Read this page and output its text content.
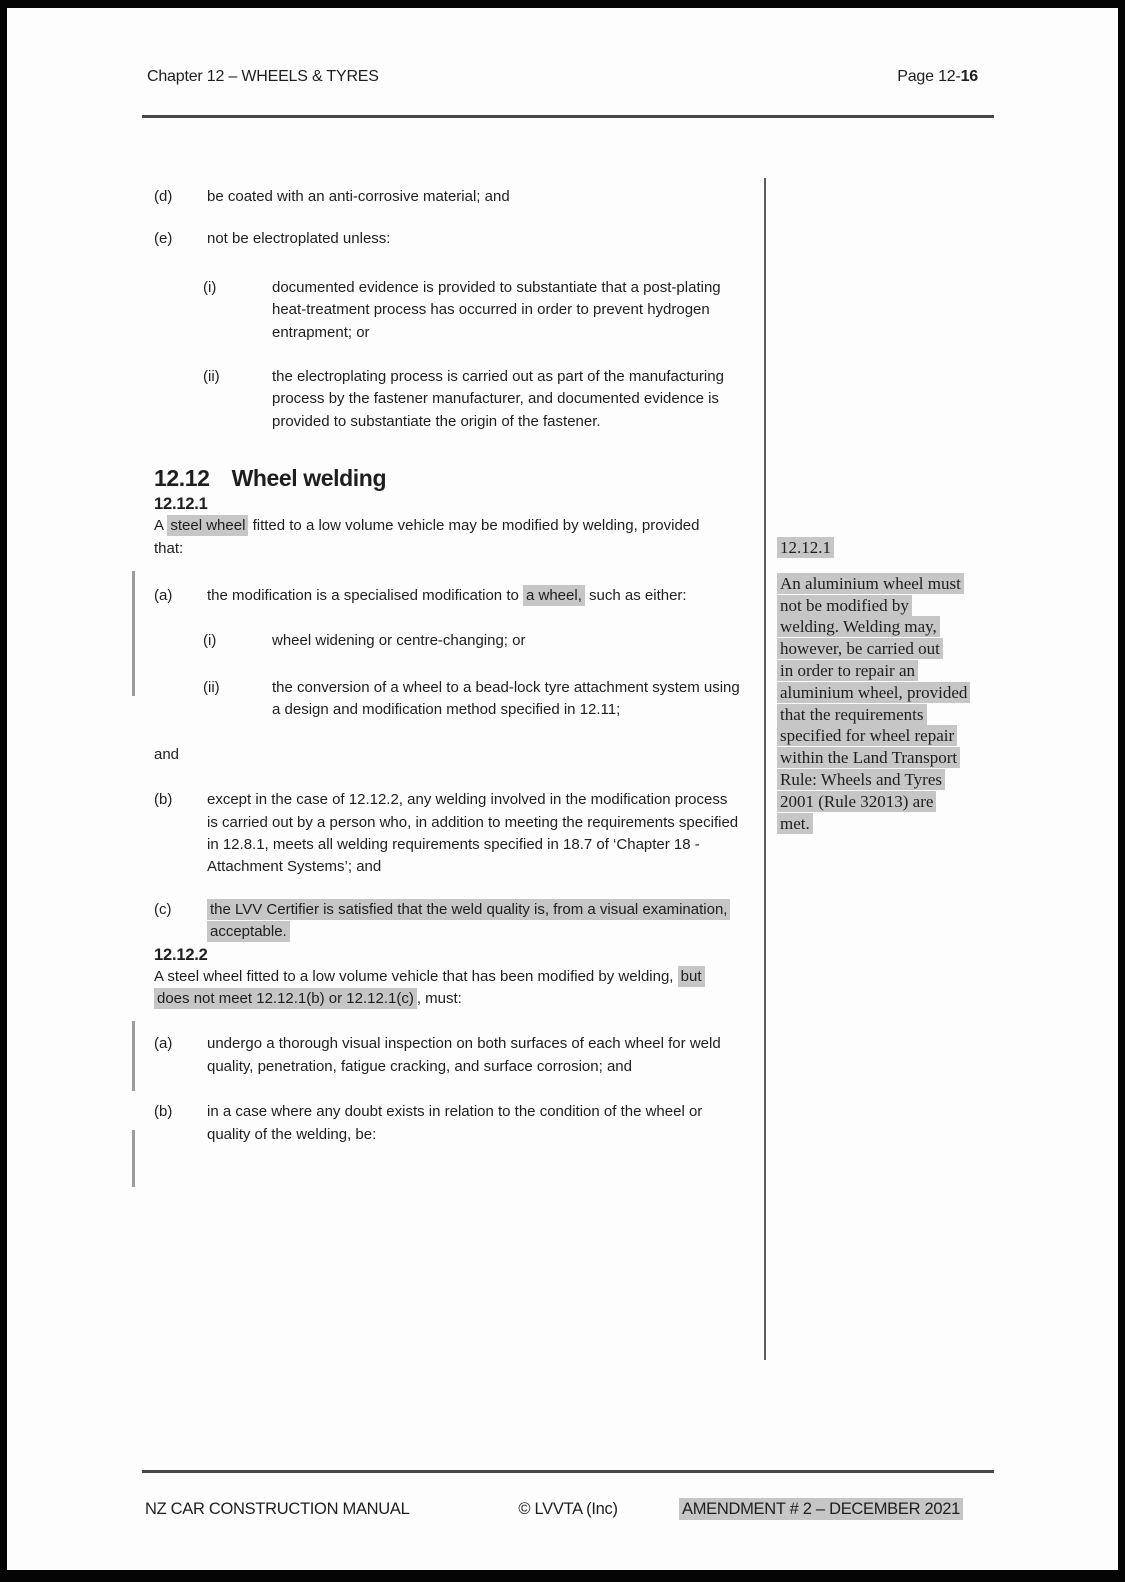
Chapter 12 – WHEELS & TYRES	Page 12-16
(d)	be coated with an anti-corrosive material; and
(e)	not be electroplated unless:
(i)	documented evidence is provided to substantiate that a post-plating heat-treatment process has occurred in order to prevent hydrogen entrapment; or
(ii)	the electroplating process is carried out as part of the manufacturing process by the fastener manufacturer, and documented evidence is provided to substantiate the origin of the fastener.
12.12 Wheel welding
12.12.1

A steel wheel fitted to a low volume vehicle may be modified by welding, provided that:

(a)	the modification is a specialised modification to a wheel, such as either:
(i)	wheel widening or centre-changing; or
(ii)	the conversion of a wheel to a bead-lock tyre attachment system using a design and modification method specified in 12.11;
and
(b)	except in the case of 12.12.2, any welding involved in the modification process is carried out by a person who, in addition to meeting the requirements specified in 12.8.1, meets all welding requirements specified in 18.7 of ‘Chapter 18 - Attachment Systems’; and
(c)	the LVV Certifier is satisfied that the weld quality is, from a visual examination, acceptable.
12.12.2

A steel wheel fitted to a low volume vehicle that has been modified by welding, but does not meet 12.12.1(b) or 12.12.1(c) , must:

(a)	undergo a thorough visual inspection on both surfaces of each wheel for weld quality, penetration, fatigue cracking, and surface corrosion; and
(b)	in a case where any doubt exists in relation to the condition of the wheel or quality of the welding, be:
12.12.1
An aluminium wheel must
not be modified by
welding. Welding may,
however, be carried out
in order to repair an
aluminium wheel, provided
that the requirements
specified for wheel repair
within the Land Transport
Rule: Wheels and Tyres
2001 (Rule 32013) are
met.
NZ CAR CONSTRUCTION MANUAL	© LVVTA (Inc)	AMENDMENT # 2 – DECEMBER 2021
